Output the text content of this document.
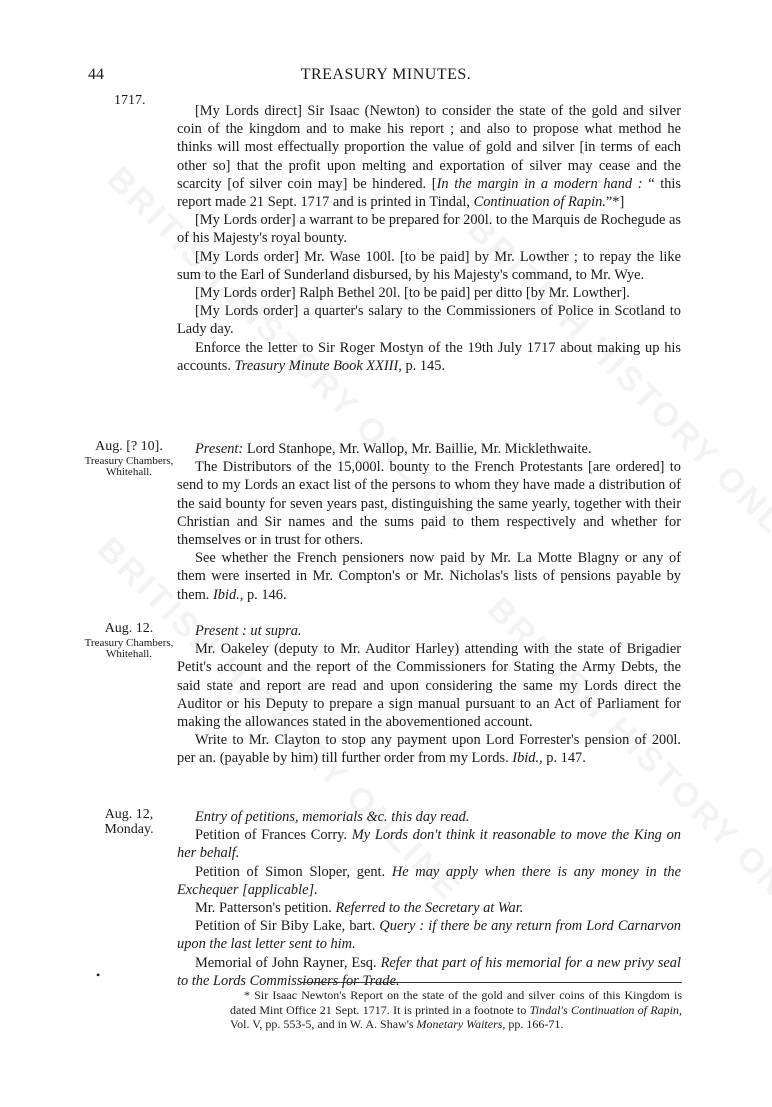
44	TREASURY MINUTES.
1717.

[My Lords direct] Sir Isaac (Newton) to consider the state of the gold and silver coin of the kingdom and to make his report ; and also to propose what method he thinks will most effectually proportion the value of gold and silver [in terms of each other so] that the profit upon melting and exportation of silver may cease and the scarcity [of silver coin may] be hindered. [In the margin in a modern hand : “ this report made 21 Sept. 1717 and is printed in Tindal, Continuation of Rapin.”*]

[My Lords order] a warrant to be prepared for 200l. to the Marquis de Rochegude as of his Majesty's royal bounty.

[My Lords order] Mr. Wase 100l. [to be paid] by Mr. Lowther ; to repay the like sum to the Earl of Sunderland disbursed, by his Majesty's command, to Mr. Wye.

[My Lords order] Ralph Bethel 20l. [to be paid] per ditto [by Mr. Lowther].

[My Lords order] a quarter's salary to the Commissioners of Police in Scotland to Lady day.

Enforce the letter to Sir Roger Mostyn of the 19th July 1717 about making up his accounts. Treasury Minute Book XXIII, p. 145.

Aug. [? 10].
Treasury Chambers, Whitehall.

Present: Lord Stanhope, Mr. Wallop, Mr. Baillie, Mr. Micklethwaite.

The Distributors of the 15,000l. bounty to the French Protestants [are ordered] to send to my Lords an exact list of the persons to whom they have made a distribution of the said bounty for seven years past, distinguishing the same yearly, together with their Christian and Sir names and the sums paid to them respectively and whether for themselves or in trust for others.

See whether the French pensioners now paid by Mr. La Motte Blagny or any of them were inserted in Mr. Compton's or Mr. Nicholas's lists of pensions payable by them. Ibid., p. 146.

Aug. 12.
Treasury Chambers, Whitehall.

Present : ut supra.

Mr. Oakeley (deputy to Mr. Auditor Harley) attending with the state of Brigadier Petit's account and the report of the Commissioners for Stating the Army Debts, the said state and report are read and upon considering the same my Lords direct the Auditor or his Deputy to prepare a sign manual pursuant to an Act of Parliament for making the allowances stated in the abovementioned account.

Write to Mr. Clayton to stop any payment upon Lord Forrester's pension of 200l. per an. (payable by him) till further order from my Lords. Ibid., p. 147.

Aug. 12,
Monday.

Entry of petitions, memorials &c. this day read.

Petition of Frances Corry. My Lords don't think it reasonable to move the King on her behalf.

Petition of Simon Sloper, gent. He may apply when there is any money in the Exchequer [applicable].

Mr. Patterson's petition. Referred to the Secretary at War.

Petition of Sir Biby Lake, bart. Query : if there be any return from Lord Carnarvon upon the last letter sent to him.

Memorial of John Rayner, Esq. Refer that part of his memorial for a new privy seal to the Lords Commissioners for Trade.

•
* Sir Isaac Newton's Report on the state of the gold and silver coins of this Kingdom is dated Mint Office 21 Sept. 1717. It is printed in a footnote to Tindal's Continuation of Rapin, Vol. V, pp. 553-5, and in W. A. Shaw's Monetary Waiters, pp. 166-71.
